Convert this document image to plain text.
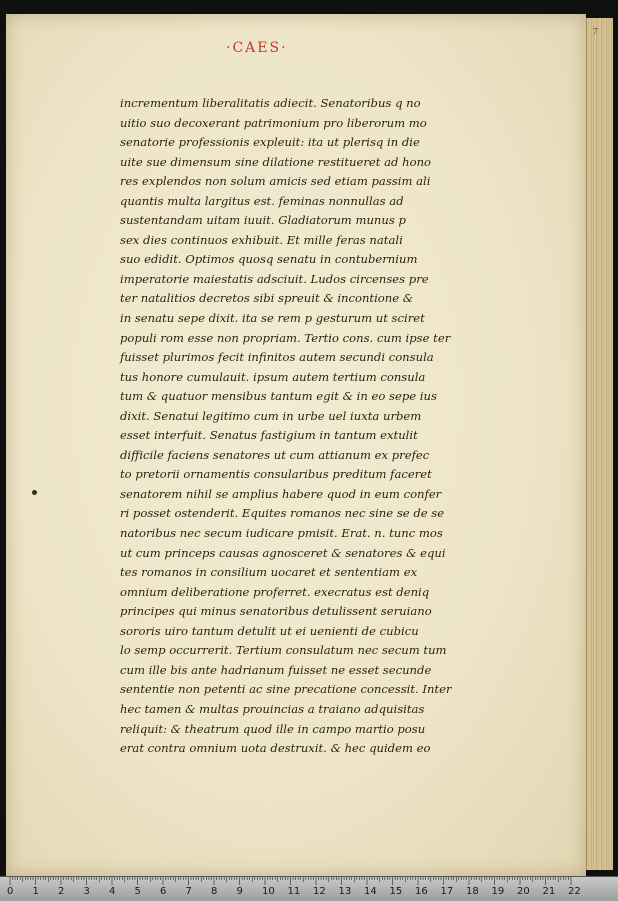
7
·CAES·
incrementum liberalitatis adiecit. Senatoribus q no
uitio suo decoxerant patrimonium pro liberorum mo
senatorie professionis expleuit: ita ut plerisq in die
uite sue dimensum sine dilatione restitueret ad hono
res explendos non solum amicis sed etiam passim ali
quantis multa largitus est. feminas nonnullas ad
sustentandam uitam iuuit. Gladiatorum munus p
sex dies continuos exhibuit. Et mille feras natali
suo edidit. Optimos quosq senatu in contubernium
imperatorie maiestatis adsciuit. Ludos circenses pre
ter natalitios decretos sibi spreuit & incontione &
in senatu sepe dixit. ita se rem p gesturum ut sciret
populi rom esse non propriam. Tertio cons. cum ipse ter
fuisset plurimos fecit infinitos autem secundi consula
tus honore cumulauit. ipsum autem tertium consula
tum & quatuor mensibus tantum egit & in eo sepe ius
dixit. Senatui legitimo cum in urbe uel iuxta urbem
esset interfuit. Senatus fastigium in tantum extulit
difficile faciens senatores ut cum attianum ex prefec
to pretorii ornamentis consularibus preditum faceret
senatorem nihil se amplius habere quod in eum confer
ri posset ostenderit. Equites romanos nec sine se de se
natoribus nec secum iudicare pmisit. Erat. n. tunc mos
ut cum princeps causas agnosceret & senatores & equi
tes romanos in consilium uocaret et sententiam ex
omnium deliberatione proferret. execratus est deniq
principes qui minus senatoribus detulissent seruiano
sororis uiro tantum detulit ut ei uenienti de cubicu
lo semp occurrerit. Tertium consulatum nec secum tum
cum ille bis ante hadrianum fuisset ne esset secunde
sententie non petenti ac sine precatione concessit. Inter
hec tamen & multas prouincias a traiano adquisitas
reliquit: & theatrum quod ille in campo martio posu
erat contra omnium uota destruxit. & hec quidem eo
0 1 2 3 4 5 6 7 8 9 10 11 12 13 14 15 16 17 18 19 20 21 22
